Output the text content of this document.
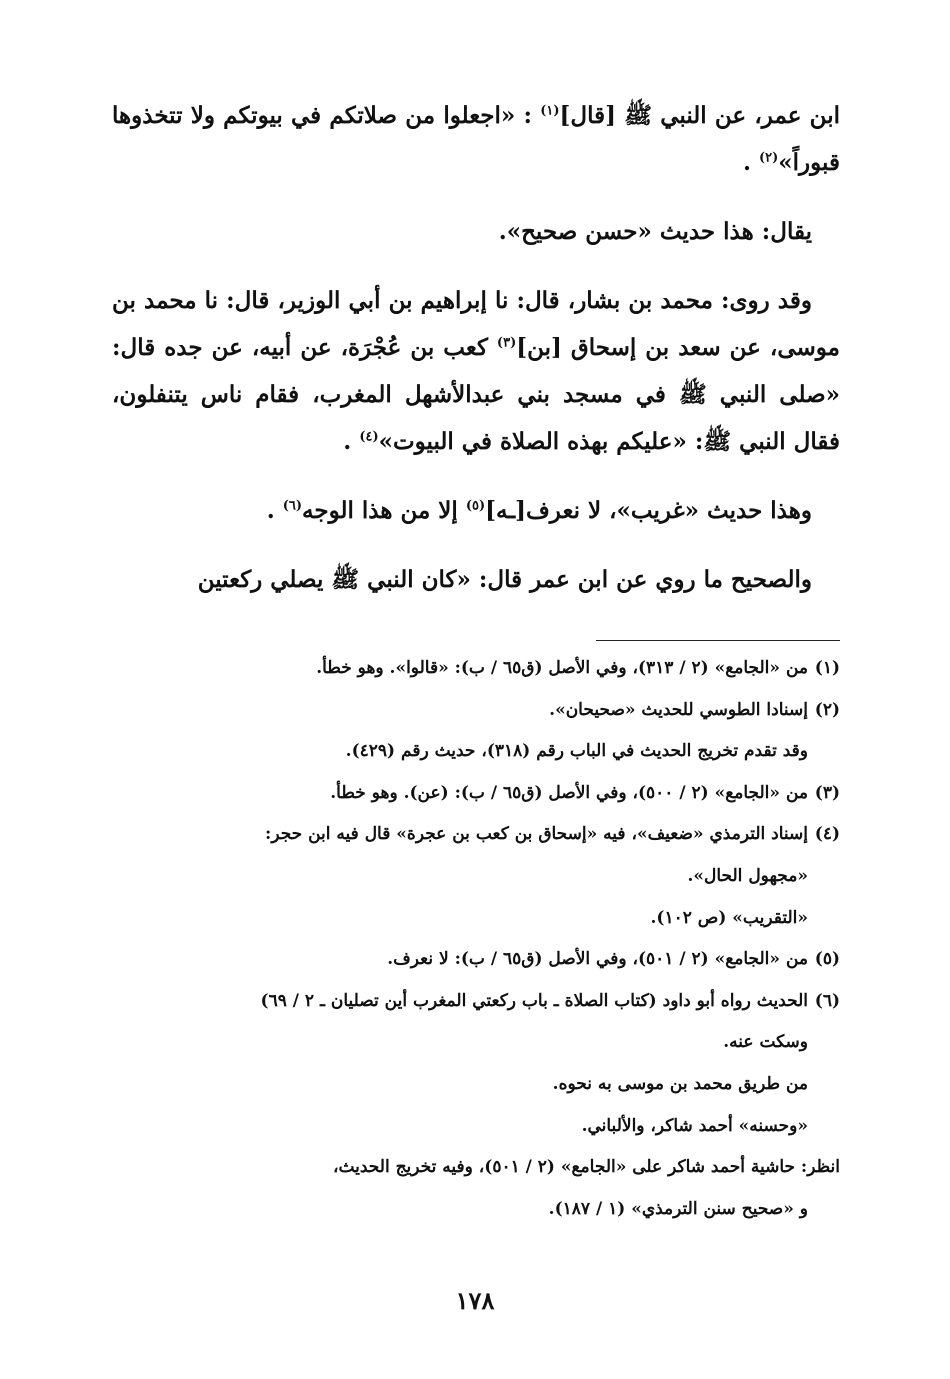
ابن عمر، عن النبي ﷺ [قال]$^{(١)}$ : «اجعلوا من صلاتكم في بيوتكم ولا تتخذوها قبوراً»$^{(٢)}$ .

يقال: هذا حديث «حسن صحيح».

وقد روى: محمد بن بشار، قال: نا إبراهيم بن أبي الوزير، قال: نا محمد بن موسى، عن سعد بن إسحاق [بن]$^{(٣)}$ كعب بن عُجْرَة، عن أبيه، عن جده قال: «صلى النبي ﷺ في مسجد بني عبدالأشهل المغرب، فقام ناس يتنفلون، فقال النبي ﷺ: «عليكم بهذه الصلاة في البيوت»$^{(٤)}$ .

وهذا حديث «غريب»، لا نعرف[ـه]$^{(٥)}$ إلا من هذا الوجه$^{(٦)}$ .

والصحيح ما روي عن ابن عمر قال: «كان النبي ﷺ يصلي ركعتين

(١)من «الجامع» (٢ / ٣١٣)، وفي الأصل (ق٦٥ / ب): «قالوا». وهو خطأ.

(٢)إسنادا الطوسي للحديث «صحيحان».

وقد تقدم تخريج الحديث في الباب رقم (٣١٨)، حديث رقم (٤٢٩).

(٣)من «الجامع» (٢ / ٥٠٠)، وفي الأصل (ق٦٥ / ب): (عن). وهو خطأ.

(٤)إسناد الترمذي «ضعيف»، فيه «إسحاق بن كعب بن عجرة» قال فيه ابن حجر:

«مجهول الحال».

«التقريب» (ص ١٠٢).

(٥)من «الجامع» (٢ / ٥٠١)، وفي الأصل (ق٦٥ / ب): لا نعرف.

(٦)الحديث رواه أبو داود (كتاب الصلاة ـ باب ركعتي المغرب أين تصليان ـ ٢ / ٦٩)

وسكت عنه.

من طريق محمد بن موسى به نحوه.

«وحسنه» أحمد شاكر، والألباني.

انظر: حاشية أحمد شاكر على «الجامع» (٢ / ٥٠١)، وفيه تخريج الحديث،

و «صحيح سنن الترمذي» (١ / ١٨٧).

١٧٨
